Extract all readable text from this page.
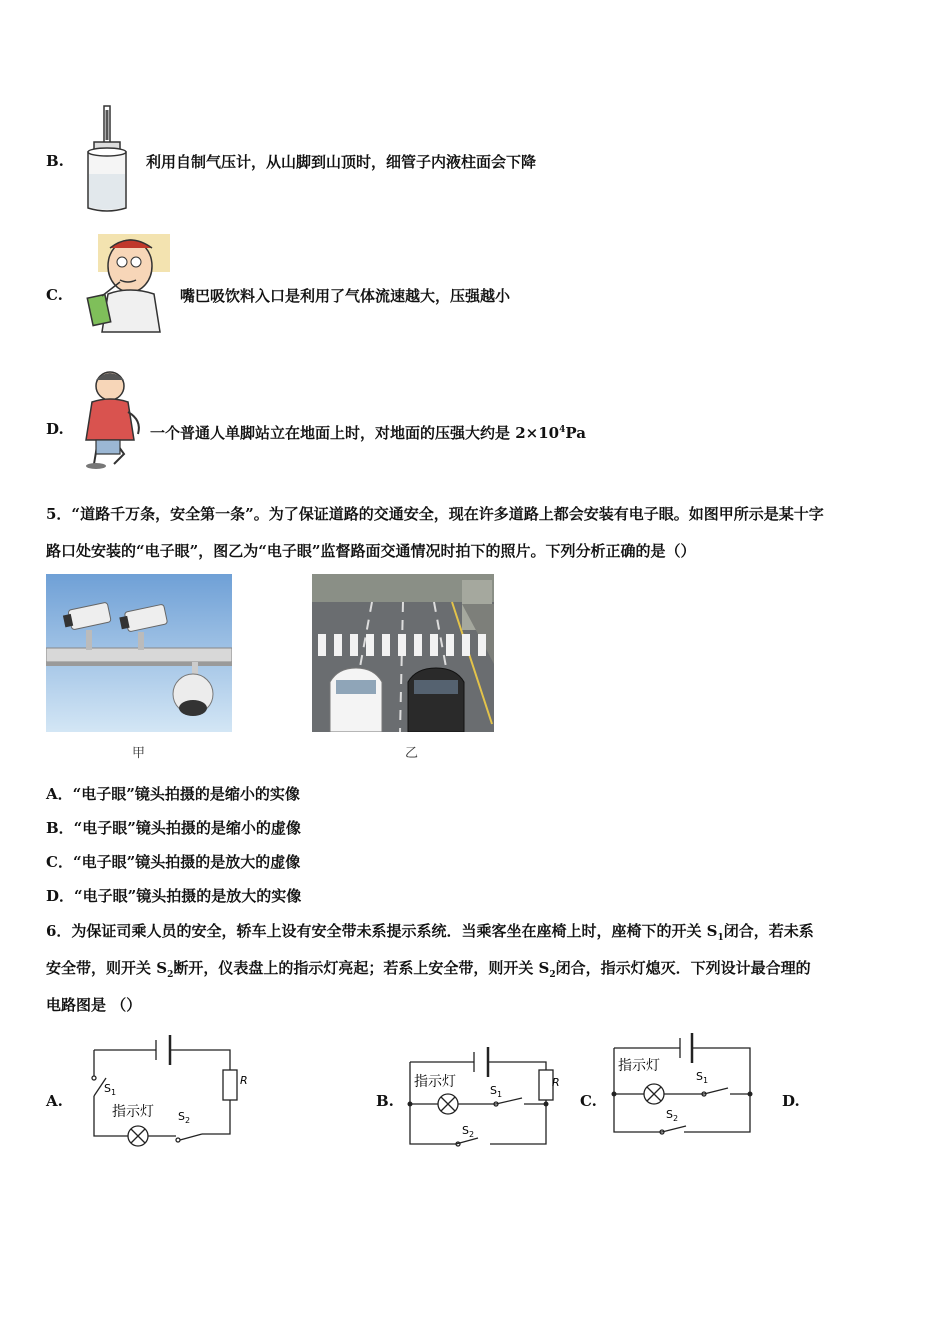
B.	利用自制气压计，从山脚到山顶时，细管子内液柱面会下降
C.	嘴巴吸饮料入口是利用了气体流速越大，压强越小
D.	一个普通人单脚站立在地面上时，对地面的压强大约是 $2\times 10^4Pa$
5．“道路千万条，安全第一条”。为了保证道路的交通安全，现在许多道路上都会安装有电子眼。如图甲所示是某十字
路口处安装的“电子眼”，图乙为“电子眼”监督路面交通情况时拍下的照片。下列分析正确的是（）
甲	乙
A．“电子眼”镜头拍摄的是缩小的实像
B．“电子眼”镜头拍摄的是缩小的虚像
C．“电子眼”镜头拍摄的是放大的虚像
D．“电子眼”镜头拍摄的是放大的实像
6．为保证司乘人员的安全，轿车上设有安全带未系提示系统．当乘客坐在座椅上时，座椅下的开关 $S_1$闭合，若未系
安全带，则开关 $S_2$断开，仪表盘上的指示灯亮起；若系上安全带，则开关 $S_2$闭合，指示灯熄灭．下列设计最合理的
电路图是 （）
A.
R
$S_1$
$S_2$
指示灯
B.
R
$S_1$
$S_2$
指示灯
C.
$S_1$
$S_2$
指示灯
D.
